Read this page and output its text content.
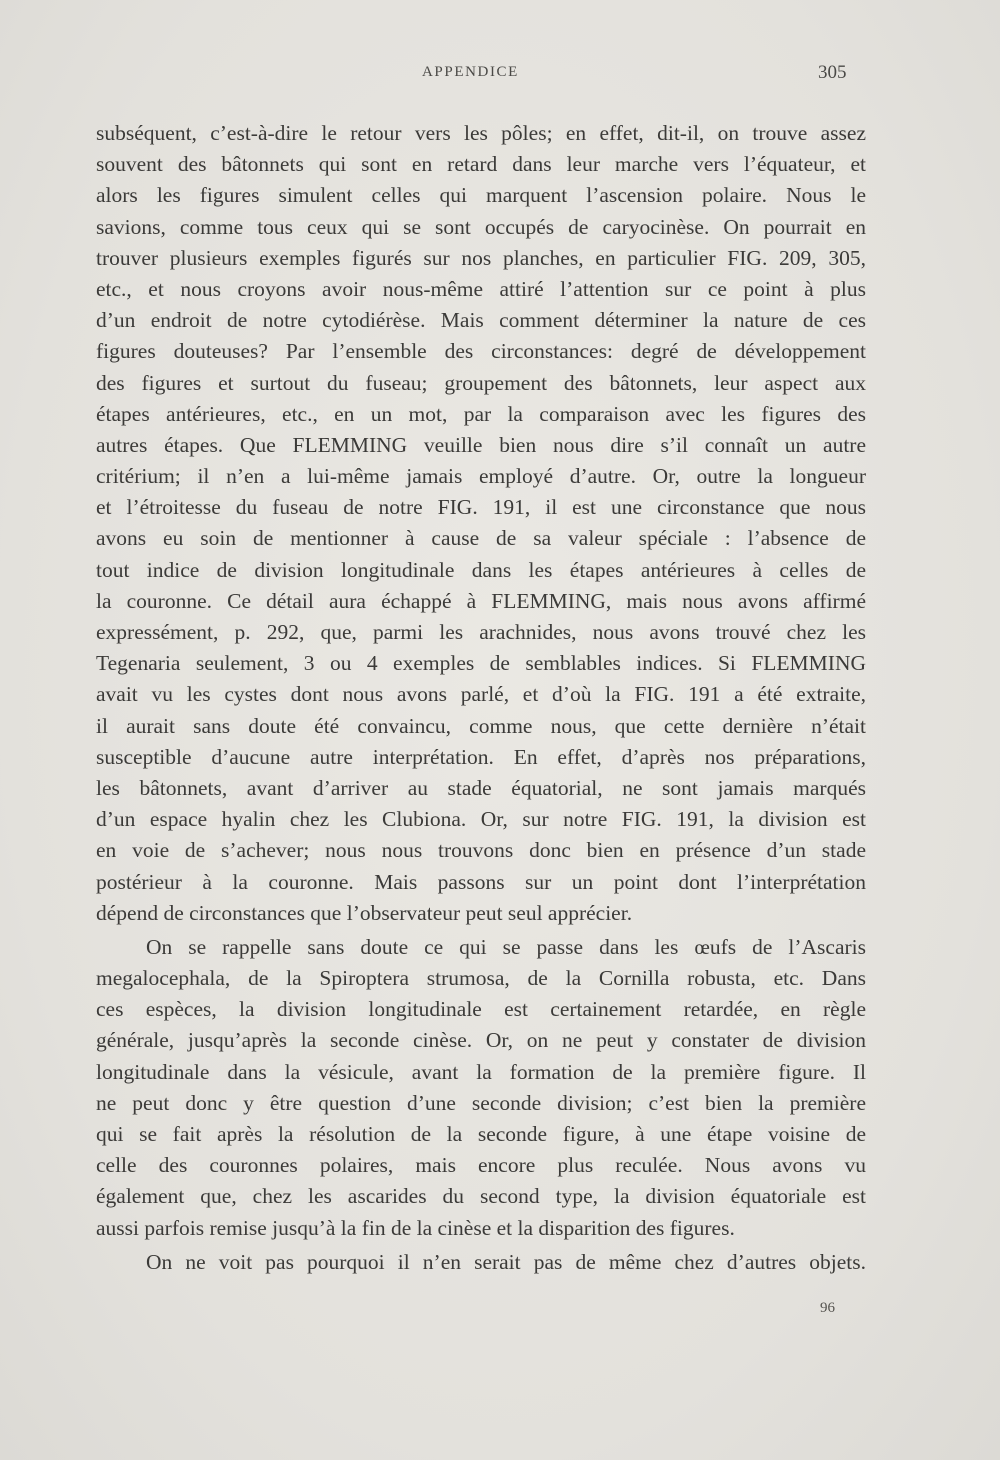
APPENDICE	305
subséquent, c’est-à-dire le retour vers les pôles; en effet, dit-il, on trouve assez
souvent des bâtonnets qui sont en retard dans leur marche vers l’équateur, et
alors les figures simulent celles qui marquent l’ascension polaire. Nous le
savions, comme tous ceux qui se sont occupés de caryocinèse. On pourrait en
trouver plusieurs exemples figurés sur nos planches, en particulier FIG. 209, 305,
etc., et nous croyons avoir nous-même attiré l’attention sur ce point à plus
d’un endroit de notre cytodiérèse. Mais comment déterminer la nature de ces
figures douteuses? Par l’ensemble des circonstances: degré de développement
des figures et surtout du fuseau; groupement des bâtonnets, leur aspect aux
étapes antérieures, etc., en un mot, par la comparaison avec les figures des
autres étapes. Que FLEMMING veuille bien nous dire s’il connaît un autre
critérium; il n’en a lui-même jamais employé d’autre. Or, outre la longueur
et l’étroitesse du fuseau de notre FIG. 191, il est une circonstance que nous
avons eu soin de mentionner à cause de sa valeur spéciale : l’absence de
tout indice de division longitudinale dans les étapes antérieures à celles de
la couronne. Ce détail aura échappé à FLEMMING, mais nous avons affirmé
expressément, p. 292, que, parmi les arachnides, nous avons trouvé chez les
Tegenaria seulement, 3 ou 4 exemples de semblables indices. Si FLEMMING
avait vu les cystes dont nous avons parlé, et d’où la FIG. 191 a été extraite,
il aurait sans doute été convaincu, comme nous, que cette dernière n’était
susceptible d’aucune autre interprétation. En effet, d’après nos préparations,
les bâtonnets, avant d’arriver au stade équatorial, ne sont jamais marqués
d’un espace hyalin chez les Clubiona. Or, sur notre FIG. 191, la division est
en voie de s’achever; nous nous trouvons donc bien en présence d’un stade
postérieur à la couronne. Mais passons sur un point dont l’interprétation
dépend de circonstances que l’observateur peut seul apprécier.
On se rappelle sans doute ce qui se passe dans les œufs de l’Ascaris
megalocephala, de la Spiroptera strumosa, de la Cornilla robusta, etc. Dans
ces espèces, la division longitudinale est certainement retardée, en règle
générale, jusqu’après la seconde cinèse. Or, on ne peut y constater de division
longitudinale dans la vésicule, avant la formation de la première figure. Il
ne peut donc y être question d’une seconde division; c’est bien la première
qui se fait après la résolution de la seconde figure, à une étape voisine de
celle des couronnes polaires, mais encore plus reculée. Nous avons vu
également que, chez les ascarides du second type, la division équatoriale est
aussi parfois remise jusqu’à la fin de la cinèse et la disparition des figures.
On ne voit pas pourquoi il n’en serait pas de même chez d’autres objets.
96
